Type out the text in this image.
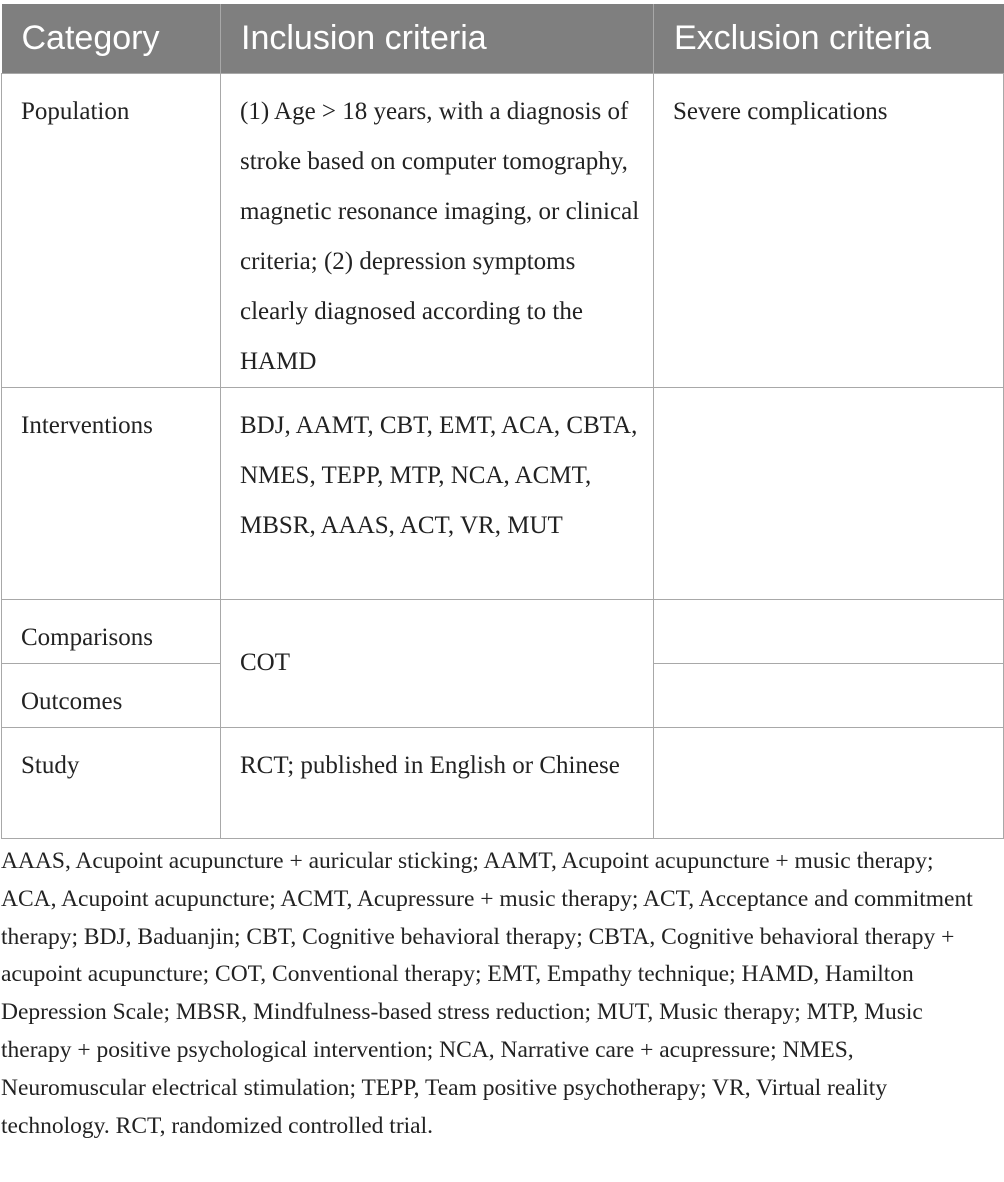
Category	Inclusion criteria	Exclusion criteria
Population	(1) Age > 18 years, with a diagnosis of stroke based on computer tomography, magnetic resonance imaging, or clinical criteria; (2) depression symptoms clearly diagnosed according to the HAMD	Severe complications
Interventions	BDJ, AAMT, CBT, EMT, ACA, CBTA, NMES, TEPP, MTP, NCA, ACMT, MBSR, AAAS, ACT, VR, MUT	
Comparisons	COT	
Outcomes		
Study	RCT; published in English or Chinese	

AAAS, Acupoint acupuncture + auricular sticking; AAMT, Acupoint acupuncture + music therapy; ACA, Acupoint acupuncture; ACMT, Acupressure + music therapy; ACT, Acceptance and commitment therapy; BDJ, Baduanjin; CBT, Cognitive behavioral therapy; CBTA, Cognitive behavioral therapy + acupoint acupuncture; COT, Conventional therapy; EMT, Empathy technique; HAMD, Hamilton Depression Scale; MBSR, Mindfulness-based stress reduction; MUT, Music therapy; MTP, Music therapy + positive psychological intervention; NCA, Narrative care + acupressure; NMES, Neuromuscular electrical stimulation; TEPP, Team positive psychotherapy; VR, Virtual reality technology. RCT, randomized controlled trial.
